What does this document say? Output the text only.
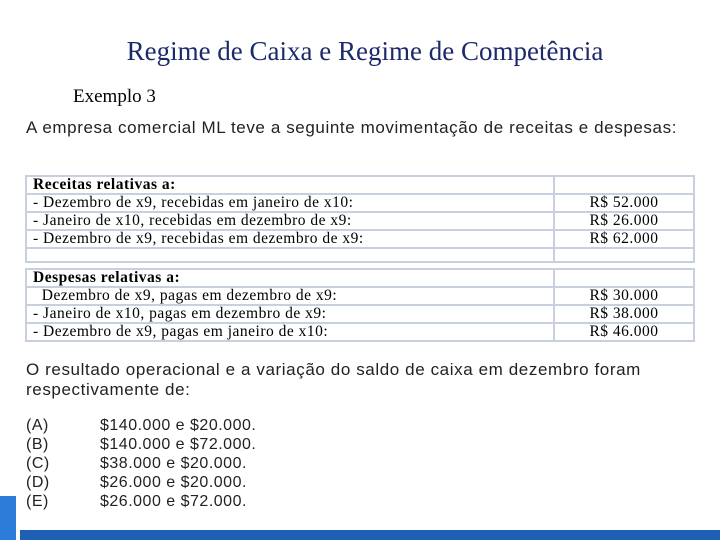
Regime de Caixa e Regime de Competência
Exemplo 3
A empresa comercial ML teve a seguinte movimentação de receitas e despesas:
Receitas relativas a:	
- Dezembro de x9, recebidas em janeiro de x10:	R$ 52.000
- Janeiro de x10, recebidas em dezembro de x9:	R$ 26.000
- Dezembro de x9, recebidas em dezembro de x9:	R$ 62.000

Despesas relativas a:	
Dezembro de x9, pagas em dezembro de x9:	R$ 30.000
- Janeiro de x10, pagas em dezembro de x9:	R$ 38.000
- Dezembro de x9, pagas em janeiro de x10:	R$ 46.000
O resultado operacional e a variação do saldo de caixa em dezembro foram respectivamente de:
(A)	$140.000 e $20.000.
(B)	$140.000 e $72.000.
(C)	$38.000 e $20.000.
(D)	$26.000 e $20.000.
(E)	$26.000 e $72.000.
